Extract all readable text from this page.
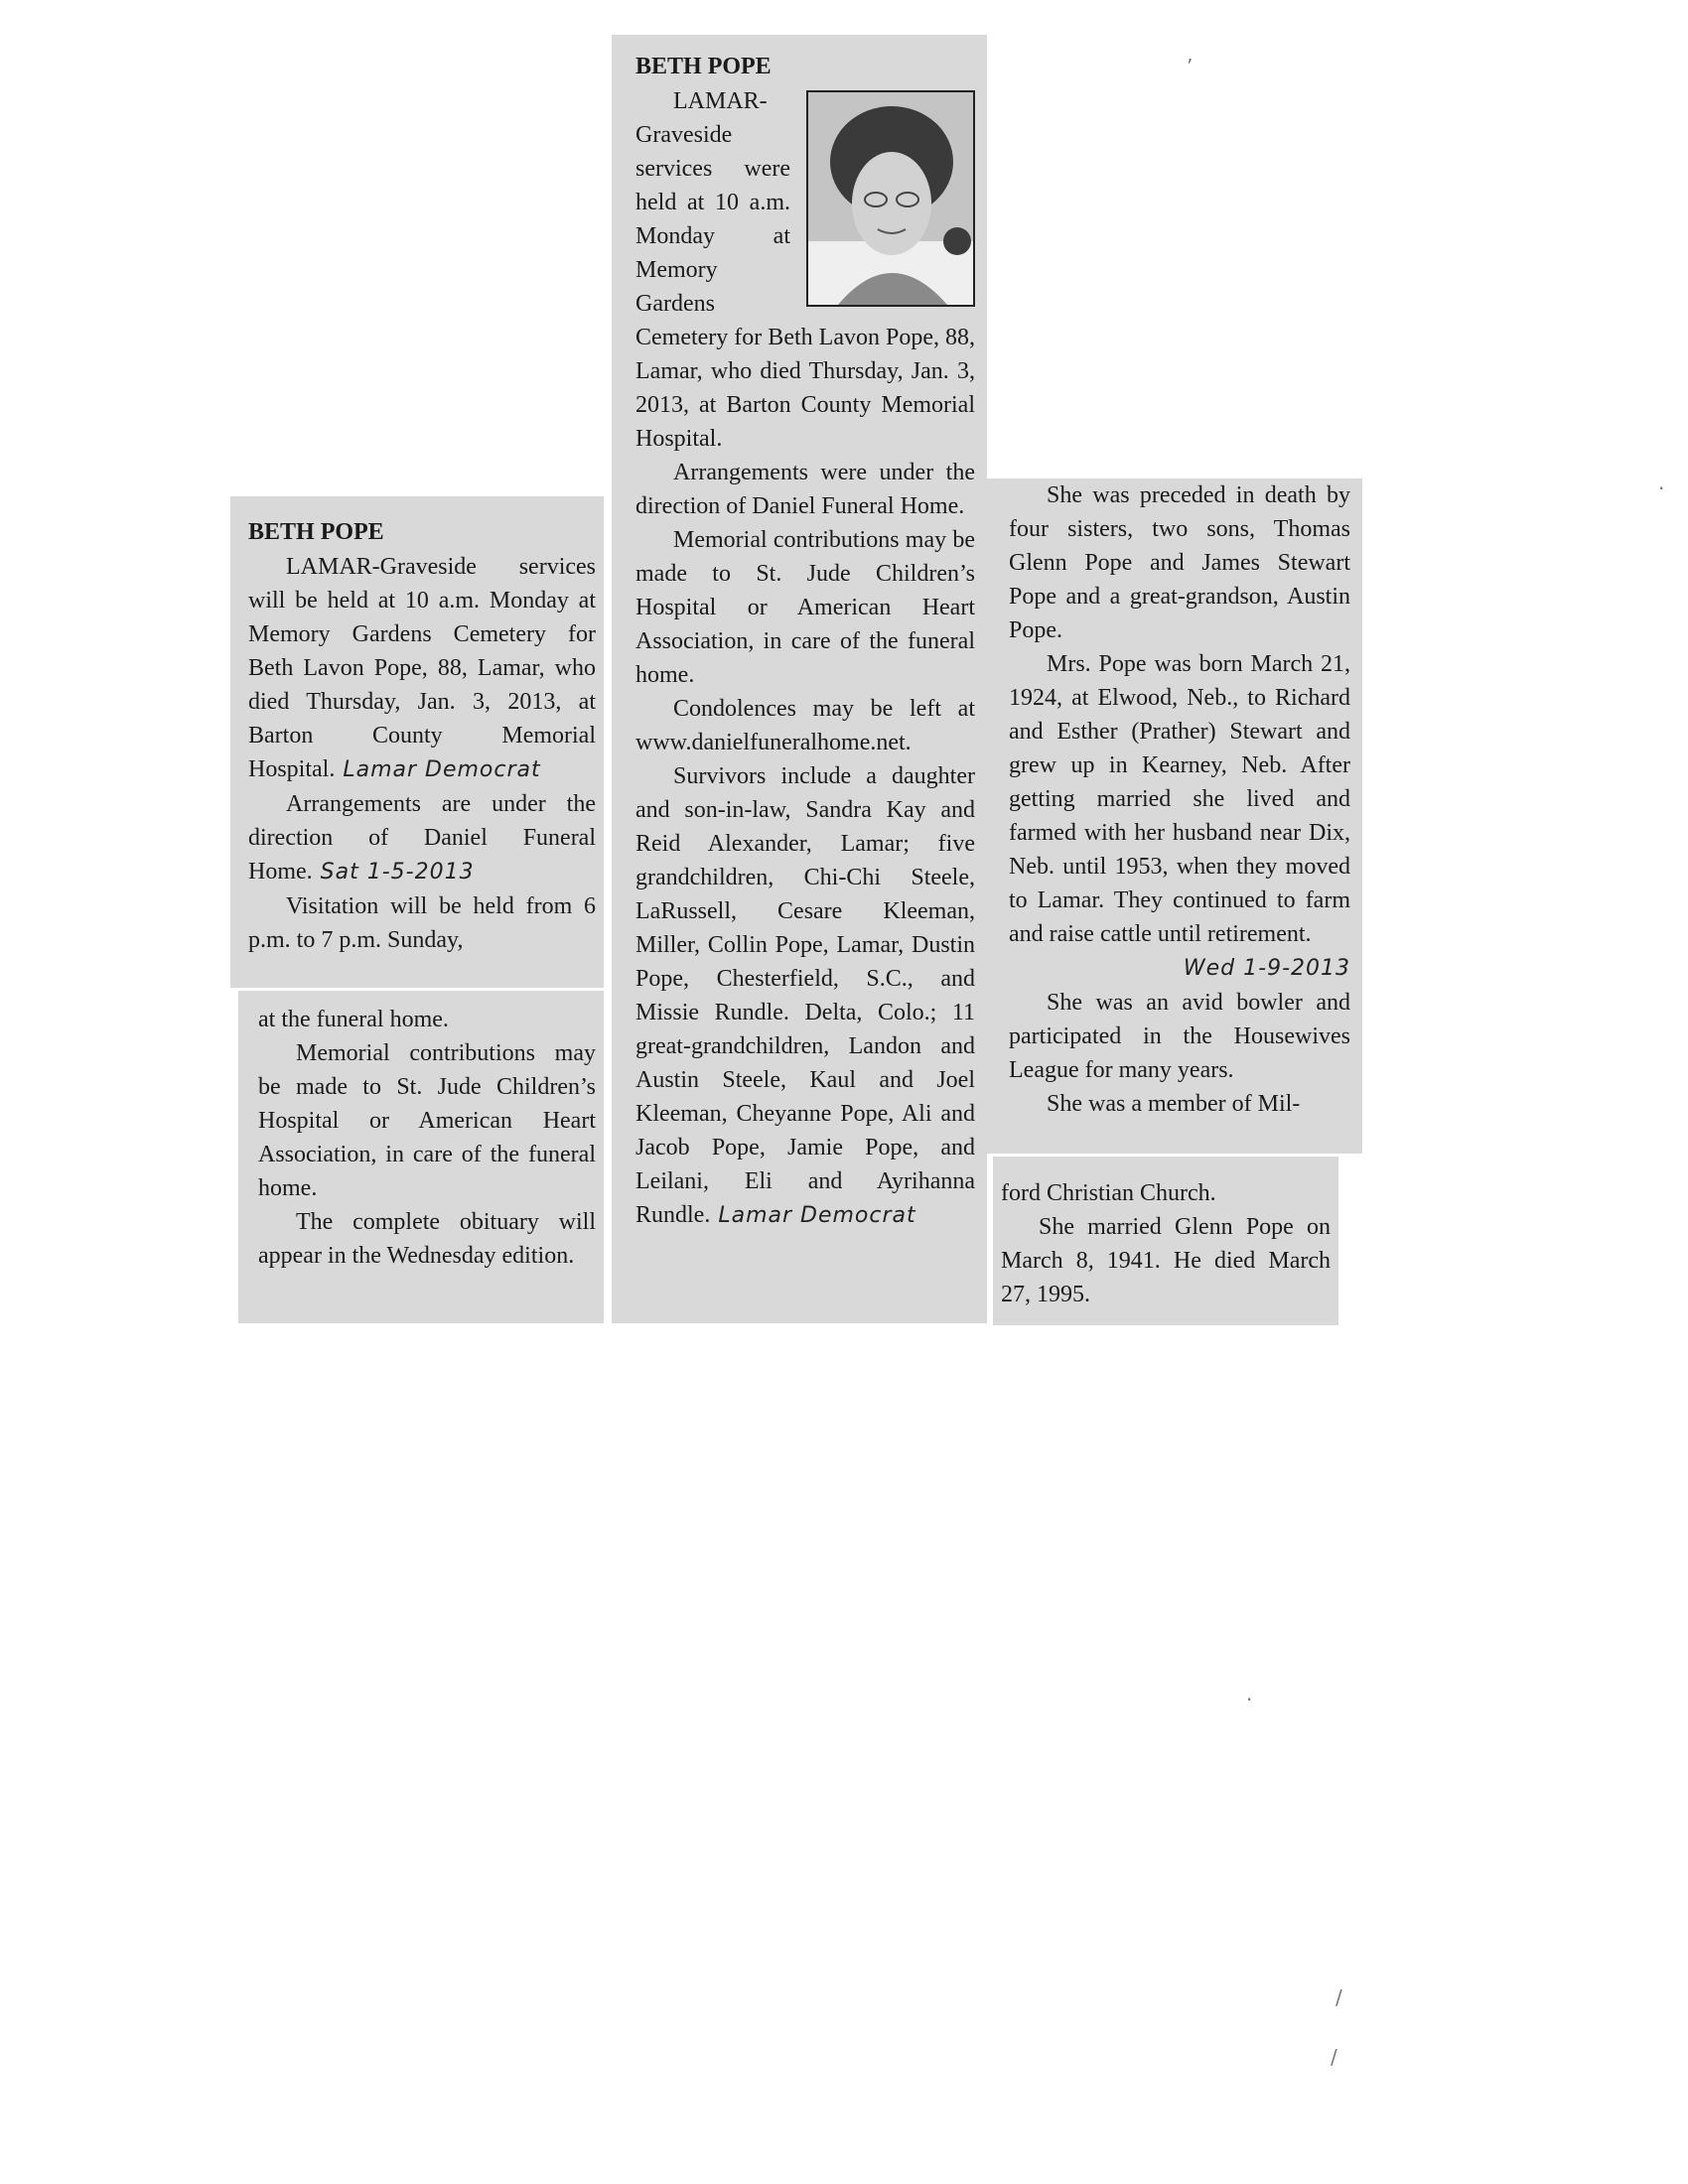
BETH POPE

LAMAR-Graveside services will be held at 10 a.m. Monday at Memory Gardens Cemetery for Beth Lavon Pope, 88, Lamar, who died Thursday, Jan. 3, 2013, at Barton County Memorial Hospital. Lamar Democrat

Arrangements are under the direction of Daniel Funeral Home. Sat 1-5-2013

Visitation will be held from 6 p.m. to 7 p.m. Sunday,

at the funeral home.

Memorial contributions may be made to St. Jude Children’s Hospital or American Heart Association, in care of the funeral home.

The complete obituary will appear in the Wednesday edition.

BETH POPE

LAMAR-Graveside services were held at 10 a.m. Monday at Memory Gardens Cemetery for Beth Lavon Pope, 88, Lamar, who died Thursday, Jan. 3, 2013, at Barton County Memorial Hospital.

Arrangements were under the direction of Daniel Funeral Home.

Memorial contributions may be made to St. Jude Children’s Hospital or American Heart Association, in care of the funeral home.

Condolences may be left at www.danielfuneralhome.net.

Survivors include a daughter and son-in-law, Sandra Kay and Reid Alexander, Lamar; five grandchildren, Chi-Chi Steele, LaRussell, Cesare Kleeman, Miller, Collin Pope, Lamar, Dustin Pope, Chesterfield, S.C., and Missie Rundle. Delta, Colo.; 11 great-grandchildren, Landon and Austin Steele, Kaul and Joel Kleeman, Cheyanne Pope, Ali and Jacob Pope, Jamie Pope, and Leilani, Eli and Ayrihanna Rundle. Lamar Democrat

She was preceded in death by four sisters, two sons, Thomas Glenn Pope and James Stewart Pope and a great-grandson, Austin Pope.

Mrs. Pope was born March 21, 1924, at Elwood, Neb., to Richard and Esther (Prather) Stewart and grew up in Kearney, Neb. After getting married she lived and farmed with her husband near Dix, Neb. until 1953, when they moved to Lamar. They continued to farm and raise cattle until retirement.

Wed 1-9-2013

She was an avid bowler and participated in the Housewives League for many years.

She was a member of Mil-

ford Christian Church.

She married Glenn Pope on March 8, 1941. He died March 27, 1995.

’
·
·
/
/
